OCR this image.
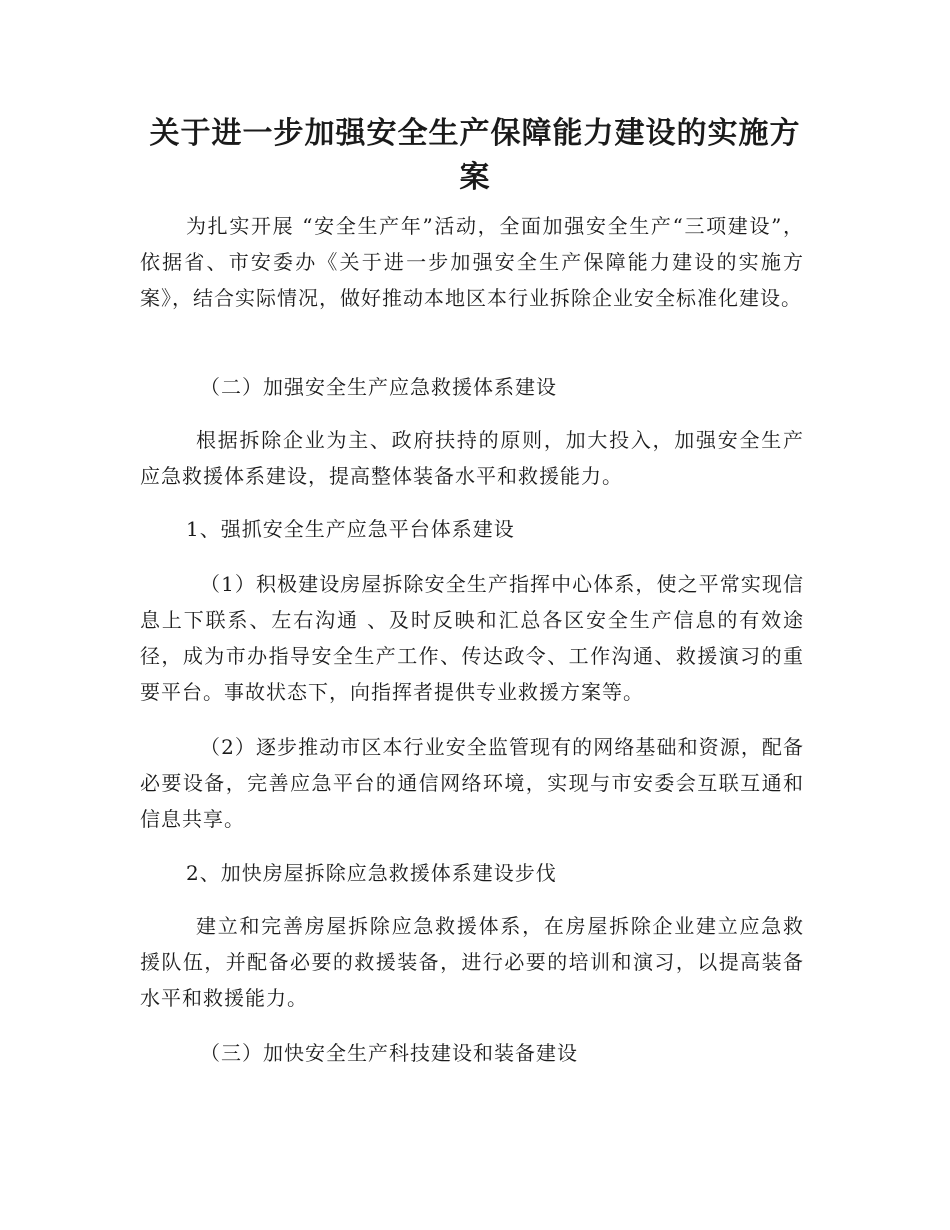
关于进一步加强安全生产保障能力建设的实施方案

为扎实开展 “安全生产年”活动，全面加强安全生产“三项建设”，依据省、市安委办《关于进一步加强安全生产保障能力建设的实施方案》，结合实际情况，做好推动本地区本行业拆除企业安全标准化建设。

（二）加强安全生产应急救援体系建设

根据拆除企业为主、政府扶持的原则，加大投入，加强安全生产应急救援体系建设，提高整体装备水平和救援能力。

1、强抓安全生产应急平台体系建设

（1）积极建设房屋拆除安全生产指挥中心体系，使之平常实现信息上下联系、左右沟通 、及时反映和汇总各区安全生产信息的有效途径，成为市办指导安全生产工作、传达政令、工作沟通、救援演习的重要平台。事故状态下，向指挥者提供专业救援方案等。

（2）逐步推动市区本行业安全监管现有的网络基础和资源，配备必要设备，完善应急平台的通信网络环境，实现与市安委会互联互通和信息共享。

2、加快房屋拆除应急救援体系建设步伐

建立和完善房屋拆除应急救援体系，在房屋拆除企业建立应急救援队伍，并配备必要的救援装备，进行必要的培训和演习，以提高装备水平和救援能力。

（三）加快安全生产科技建设和装备建设
